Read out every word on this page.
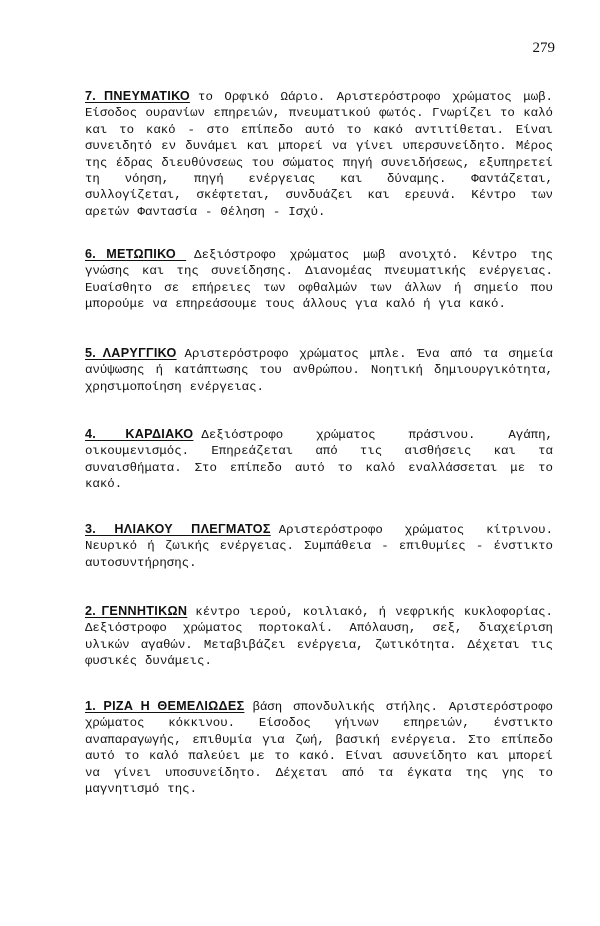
279
7. ΠΝΕΥΜΑΤΙΚΟ το Ορφικό Ωάριο. Αριστερόστροφο χρώματος μωβ. Είσοδος ουρανίων επηρειών, πνευματικού φωτός. Γνωρίζει το καλό και το κακό - στο επίπεδο αυτό το κακό αντιτίθεται. Είναι συνειδητό εν δυνάμει και μπορεί να γίνει υπερσυνείδητο. Μέρος της έδρας διευθύνσεως του σώματος πηγή συνειδήσεως, εξυπηρετεί τη νόηση, πηγή ενέργειας και δύναμης. Φαντάζεται, συλλογίζεται, σκέφτεται, συνδυάζει και ερευνά. Κέντρο των αρετών Φαντασία - Θέληση - Ισχύ.
6. ΜΕΤΩΠΙΚΟ Δεξιόστροφο χρώματος μωβ ανοιχτό. Κέντρο της γνώσης και της συνείδησης. Διανομέας πνευματικής ενέργειας. Ευαίσθητο σε επήρειες των οφθαλμών των άλλων ή σημείο που μπορούμε να επηρεάσουμε τους άλλους για καλό ή για κακό.
5. ΛΑΡΥΓΓΙΚΟ Αριστερόστροφο χρώματος μπλε. Ένα από τα σημεία ανύψωσης ή κατάπτωσης του ανθρώπου. Νοητική δημιουργικότητα, χρησιμοποίηση ενέργειας.
4. ΚΑΡΔΙΑΚΟ Δεξιόστροφο χρώματος πράσινου. Αγάπη, οικουμενισμός. Επηρεάζεται από τις αισθήσεις και τα συναισθήματα. Στο επίπεδο αυτό το καλό εναλλάσσεται με το κακό.
3. ΗΛΙΑΚΟΥ ΠΛΕΓΜΑΤΟΣ Αριστερόστροφο χρώματος κίτρινου. Νευρικό ή ζωικής ενέργειας. Συμπάθεια - επιθυμίες - ένστικτο αυτοσυντήρησης.
2. ΓΕΝΝΗΤΙΚΩΝ κέντρο ιερού, κοιλιακό, ή νεφρικής κυκλοφορίας. Δεξιόστροφο χρώματος πορτοκαλί. Απόλαυση, σεξ, διαχείριση υλικών αγαθών. Μεταβιβάζει ενέργεια, ζωτικότητα. Δέχεται τις φυσικές δυνάμεις.
1. ΡΙΖΑ Η ΘΕΜΕΛΙΩΔΕΣ βάση σπονδυλικής στήλης. Αριστερόστροφο χρώματος κόκκινου. Είσοδος γήινων επηρειών, ένστικτο αναπαραγωγής, επιθυμία για ζωή, βασική ενέργεια. Στο επίπεδο αυτό το καλό παλεύει με το κακό. Είναι ασυνείδητο και μπορεί να γίνει υποσυνείδητο. Δέχεται από τα έγκατα της γης το μαγνητισμό της.
